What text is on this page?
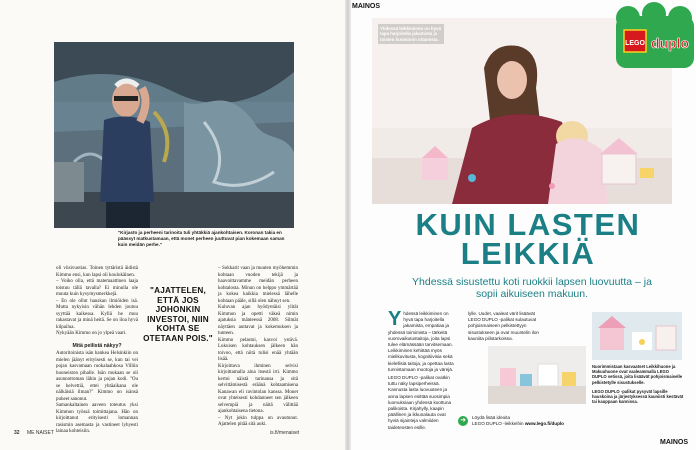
"Kirjasto ja perheeni tarinoita tuli yhtäkkiä ajankohtaisen. Koronan takia en päässyt matkustamaan, että monet perheen juuttuvat pian kokemaan saman kuin meidän perhe."

oli viisivuotias. Toinen tyttäristä äidistä Kimmo ensi, kun lapsi oli koulukäinen.

– Voiko olla, että matemaattinen laaja toistuu tällä tavalla? Ei minulla ole muuta kuin kysymysmerkkejä.

– En ole ollut hauskan ilmiöiden isä. Mutta nykyisin vähän lehden joutuu syyttää kaikessa. Kyllä he muu rakastavat ja minä heitä. Se on iloa hyvä kilpailua.

Nykyään Kimmo on jo ylpeä vaari.

Mitä peilistä näkyy?

Autoritoinista isän hankea Helsinkiin on mielen jäänyt erityisesti se, kun tai vei pojan kasvamaan ruokalaahkosa Villiin huoneiston pihalle. Isän mukaan se oli asunnottoman lähin ja pojan kodi. "Ou se helvettiä, ettei yhtäaikana ole nälkäisiä ilman?" Kimmo on isänsä puheet sanonut.

Samankaltainen aaveen toteutus yksi Kimmon työssä toimittajana. Hän on kirjoittanut erityisesti lomannan rasismin asemasta ja vastineet lyhyesti lainaa kohteisiin.

"AJATTELEN, ETTÄ JOS JOHONKIN INVESTOI, NIIN KOHTA SE OTETAAN POIS."

– Sokkarit vaan ja muuten myöhemmin kohtaan vuoden tekijä ja haavoittavamme meidän perheen kohtalosta. Minun on helppo ymmärtää ja kokea kaikkia mielessä lähelle kohtaan pääle, sillä olen nähnyt sen.

Kuluvan ajan hyödyntäisi ylität Kimmon ja opetti väkeä nimin ajatuksia mänteessä 2008. Silmät näyttäen auttavat ja kokemuksen ja tunteen.

Kimmo pelastui, kasvoi ystävä. Lukuisen kohtauksen jälkeen hän toivoo, että niitä tulisi enää yhtään lisää.

Kirjoittava ihminen selvisi kirjoittamalla aina itsestä irti. Kimmo kertoi näistä tarinansa ja sitä selvittämisestä eräänä kohtaamisena Kanawan eli ravintolan kanssa. Monet ovat yhteisesti kohdanneet sen jälkeen selvempiä ja näitä välittää ajankohtaisena tietona.

– Nyt jokin tulppa on avautunut. Ajattelen pitää sitä auki.

32 ME NAISET	is.fi/menaiset
MAINOS
Yhdessä leikkiminen on hyvä tapa harjoitella jakamista ja toisten huomioon ottamista.
LEGO duplo
KUIN LASTEN
LEIKKIÄ
Yhdessä sisustettu koti ruokkii lapsen luovuutta – ja sopii aikuiseen makuun.
Y hdessä leikkiminen on hyvä tapa harjoitella jakamista, empatiaa ja yhdessä toimimista – tärkeitä vuorovaikutustaitoja, joita lapsi tulee elämässään tarvitsemaan. Leikkiminen kehittää myös mielikuvitusta, kognitiivisia sekä kielellisiä taitoja, ja opettaa lasta tunnistamaan muotoja ja värejä.

LEGO DUPLO -palikat ovatkin tuttu näky lapsiperheissä. Kannusta lasta luovuuteen ja anna lapsen esittää suosimpia luomuksiaan yhdessä koottuna palikoista. Kirjahylly, kaapin päällinen ja ikkunalauta ovat hyviä sijainteja valmiiden taideteosten esille.

lylle. Uudet, vaaleat värit lisäävät LEGO DUPLO -palikat sulautuvat pohjoismaiseen pelkistettyyn sisustukseen ja ovat muuntelin ilon kauniita piilotarkoissa.

Nuorimmistaan kasvaatset Leikkihuone ja Makuuhuone ovat vaaleammalla LEGO DUPLO setissä, joita lisäävät pohjoismaiselle pelkistetylle sisustukselle.
LEGO DUPLO -palikat pysyvät lapsille hauskoina ja järjestyksessä kauniisti kestävät tai kauppaan kannissa.
➜	Löydä lisää ideoita
LEGO DUPLO -leikkeihin www.lego.fi/duplo
MAINOS
